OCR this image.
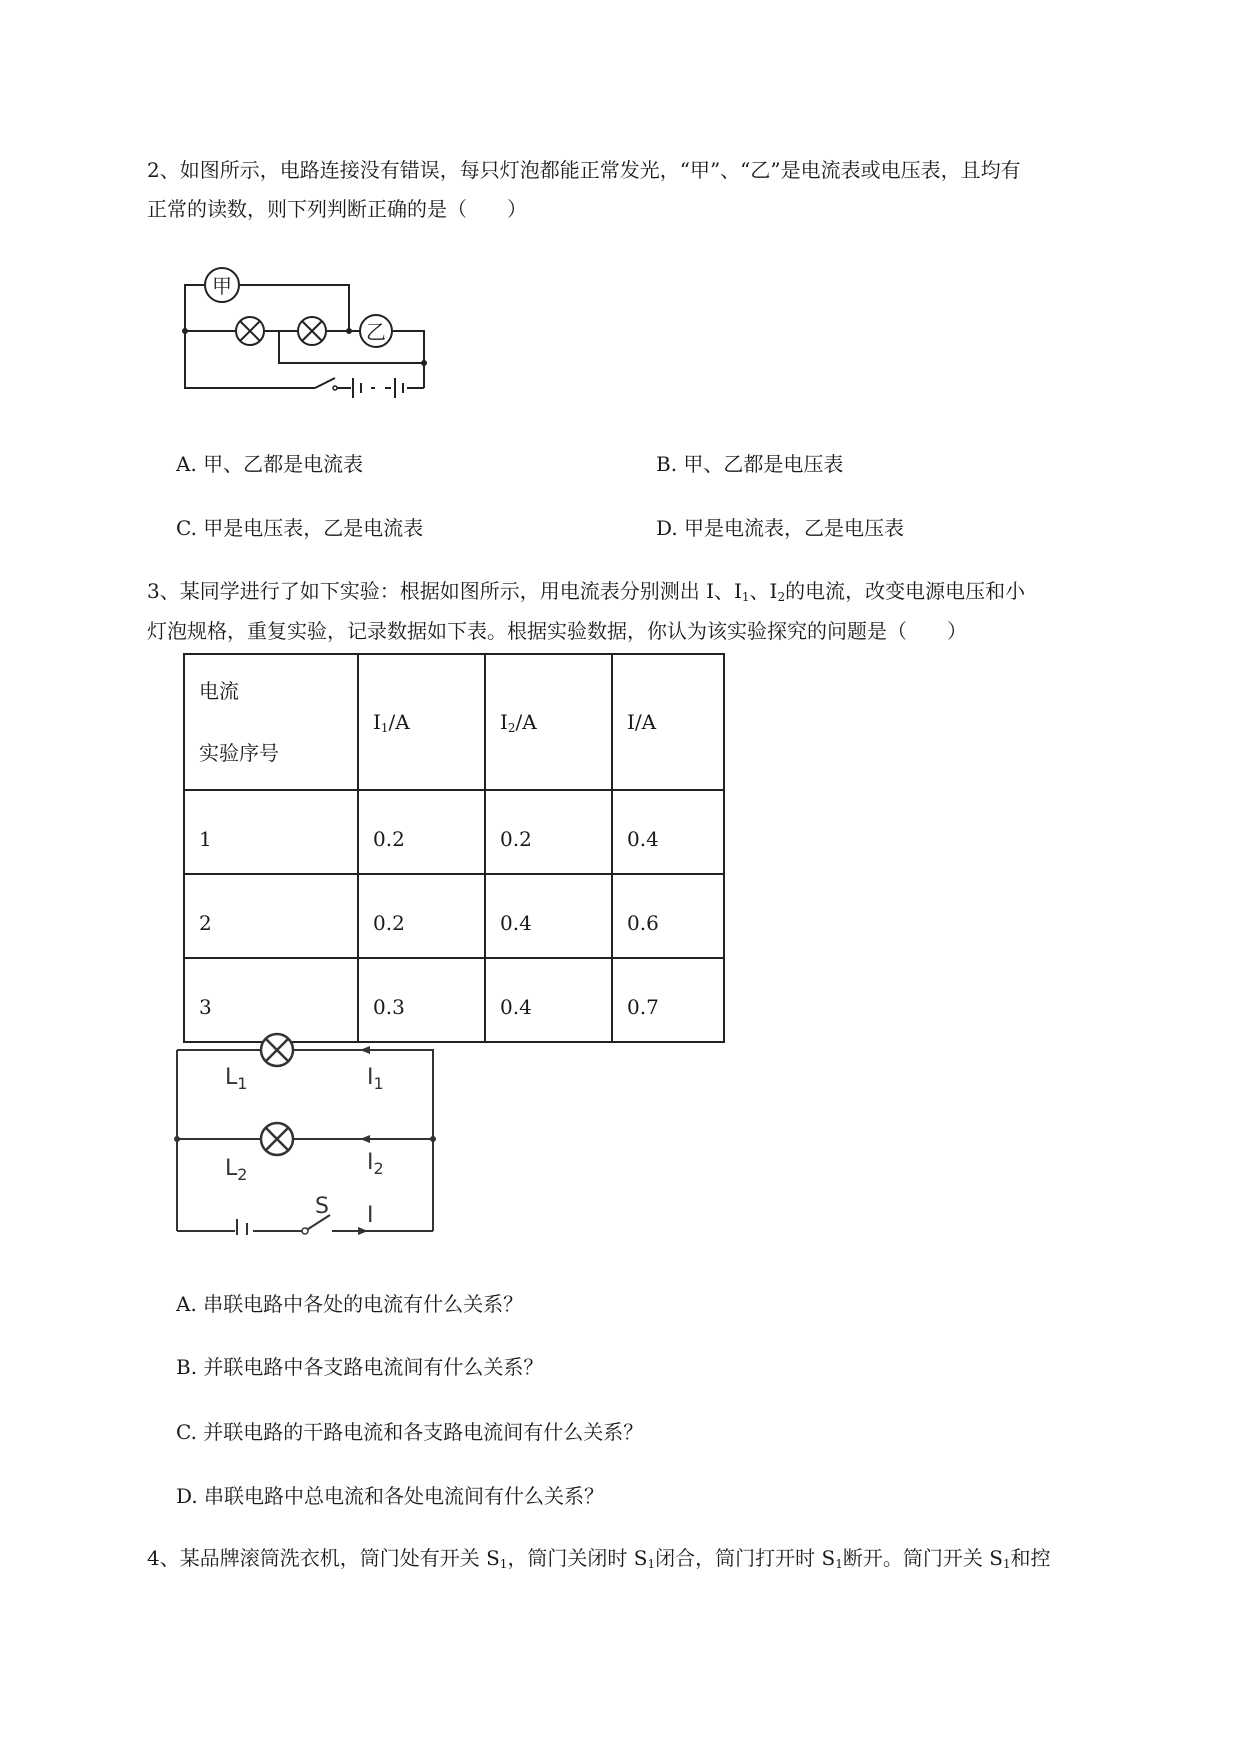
2、如图所示，电路连接没有错误，每只灯泡都能正常发光，“甲”、“乙”是电流表或电压表，且均有
正常的读数，则下列判断正确的是（　　）
甲
乙
A. 甲、乙都是电流表	B. 甲、乙都是电压表
C. 甲是电压表，乙是电流表	D. 甲是电流表，乙是电压表
3、某同学进行了如下实验：根据如图所示，用电流表分别测出 I、$I_1$、$I_2$的电流，改变电源电压和小
灯泡规格，重复实验，记录数据如下表。根据实验数据，你认为该实验探究的问题是（　　）
电流
实验序号	$I_1/A$	$I_2/A$	I/A
1	0.2	0.2	0.4
2	0.2	0.4	0.6
3	0.3	0.4	0.7
$L_1$
$L_2$
$I_1$
$I_2$
S I
A. 串联电路中各处的电流有什么关系？
B. 并联电路中各支路电流间有什么关系？
C. 并联电路的干路电流和各支路电流间有什么关系？
D. 串联电路中总电流和各处电流间有什么关系？
4、某品牌滚筒洗衣机，筒门处有开关 $S_1$，筒门关闭时 $S_1$闭合，筒门打开时 $S_1$断开。筒门开关 $S_1$和控
